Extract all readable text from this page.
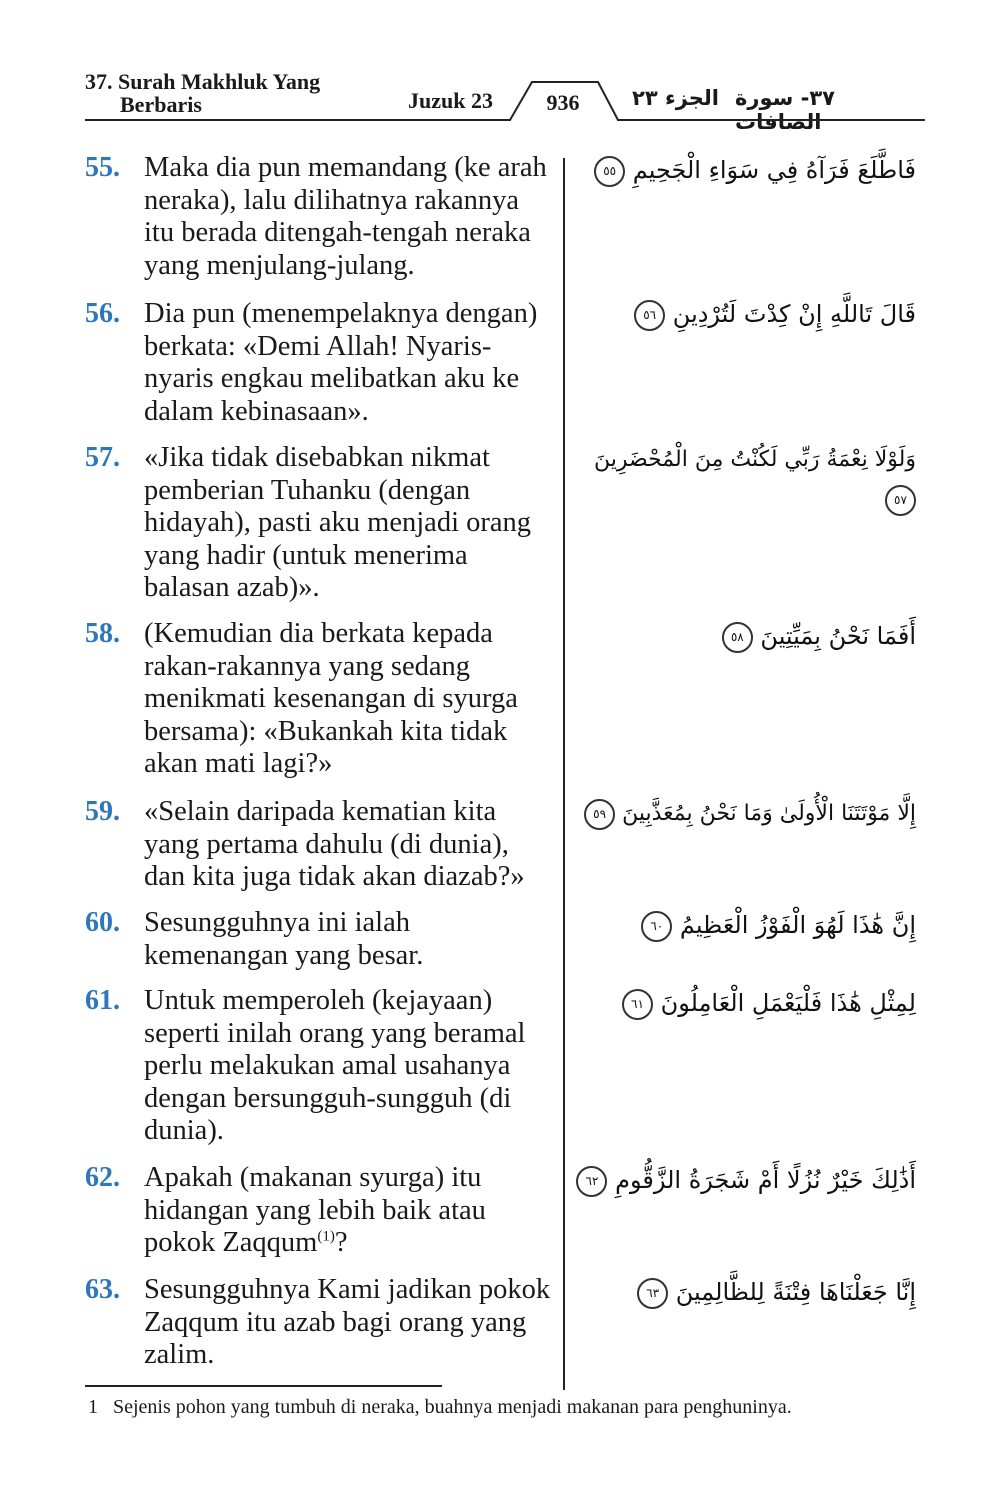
37. Surah Makhluk Yang
Berbaris	Juzuk 23	936	الجزء ٢٣ ٣٧- سورة الصافات
55. Maka dia pun memandang (ke arah neraka), lalu dilihatnya rakannya itu berada ditengah-tengah neraka yang menjulang-julang.
فَاطَّلَعَ فَرَآهُ فِي سَوَاءِ الْجَحِيمِ ٥٥
56. Dia pun (menempelaknya dengan) berkata: «Demi Allah! Nyaris-nyaris engkau melibatkan aku ke dalam kebinasaan».
قَالَ تَاللَّهِ إِنْ كِدْتَ لَتُرْدِينِ ٥٦
57. «Jika tidak disebabkan nikmat pemberian Tuhanku (dengan hidayah), pasti aku menjadi orang yang hadir (untuk menerima balasan azab)».
وَلَوْلَا نِعْمَةُ رَبِّي لَكُنْتُ مِنَ الْمُحْضَرِينَ ٥٧
58. (Kemudian dia berkata kepada rakan-rakannya yang sedang menikmati kesenangan di syurga bersama): «Bukankah kita tidak akan mati lagi?»
أَفَمَا نَحْنُ بِمَيِّتِينَ ٥٨
59. «Selain daripada kematian kita yang pertama dahulu (di dunia), dan kita juga tidak akan diazab?»
إِلَّا مَوْتَتَنَا الْأُولَىٰ وَمَا نَحْنُ بِمُعَذَّبِينَ ٥٩
60. Sesungguhnya ini ialah kemenangan yang besar.
إِنَّ هَٰذَا لَهُوَ الْفَوْزُ الْعَظِيمُ ٦٠
61. Untuk memperoleh (kejayaan) seperti inilah orang yang beramal perlu melakukan amal usahanya dengan bersungguh-sungguh (di dunia).
لِمِثْلِ هَٰذَا فَلْيَعْمَلِ الْعَامِلُونَ ٦١
62. Apakah (makanan syurga) itu hidangan yang lebih baik atau pokok Zaqqum$^{(1)}$?
أَذَٰلِكَ خَيْرٌ نُزُلًا أَمْ شَجَرَةُ الزَّقُّومِ ٦٢
63. Sesungguhnya Kami jadikan pokok Zaqqum itu azab bagi orang yang zalim.
إِنَّا جَعَلْنَاهَا فِتْنَةً لِلظَّالِمِينَ ٦٣
1 Sejenis pohon yang tumbuh di neraka, buahnya menjadi makanan para penghuninya.
